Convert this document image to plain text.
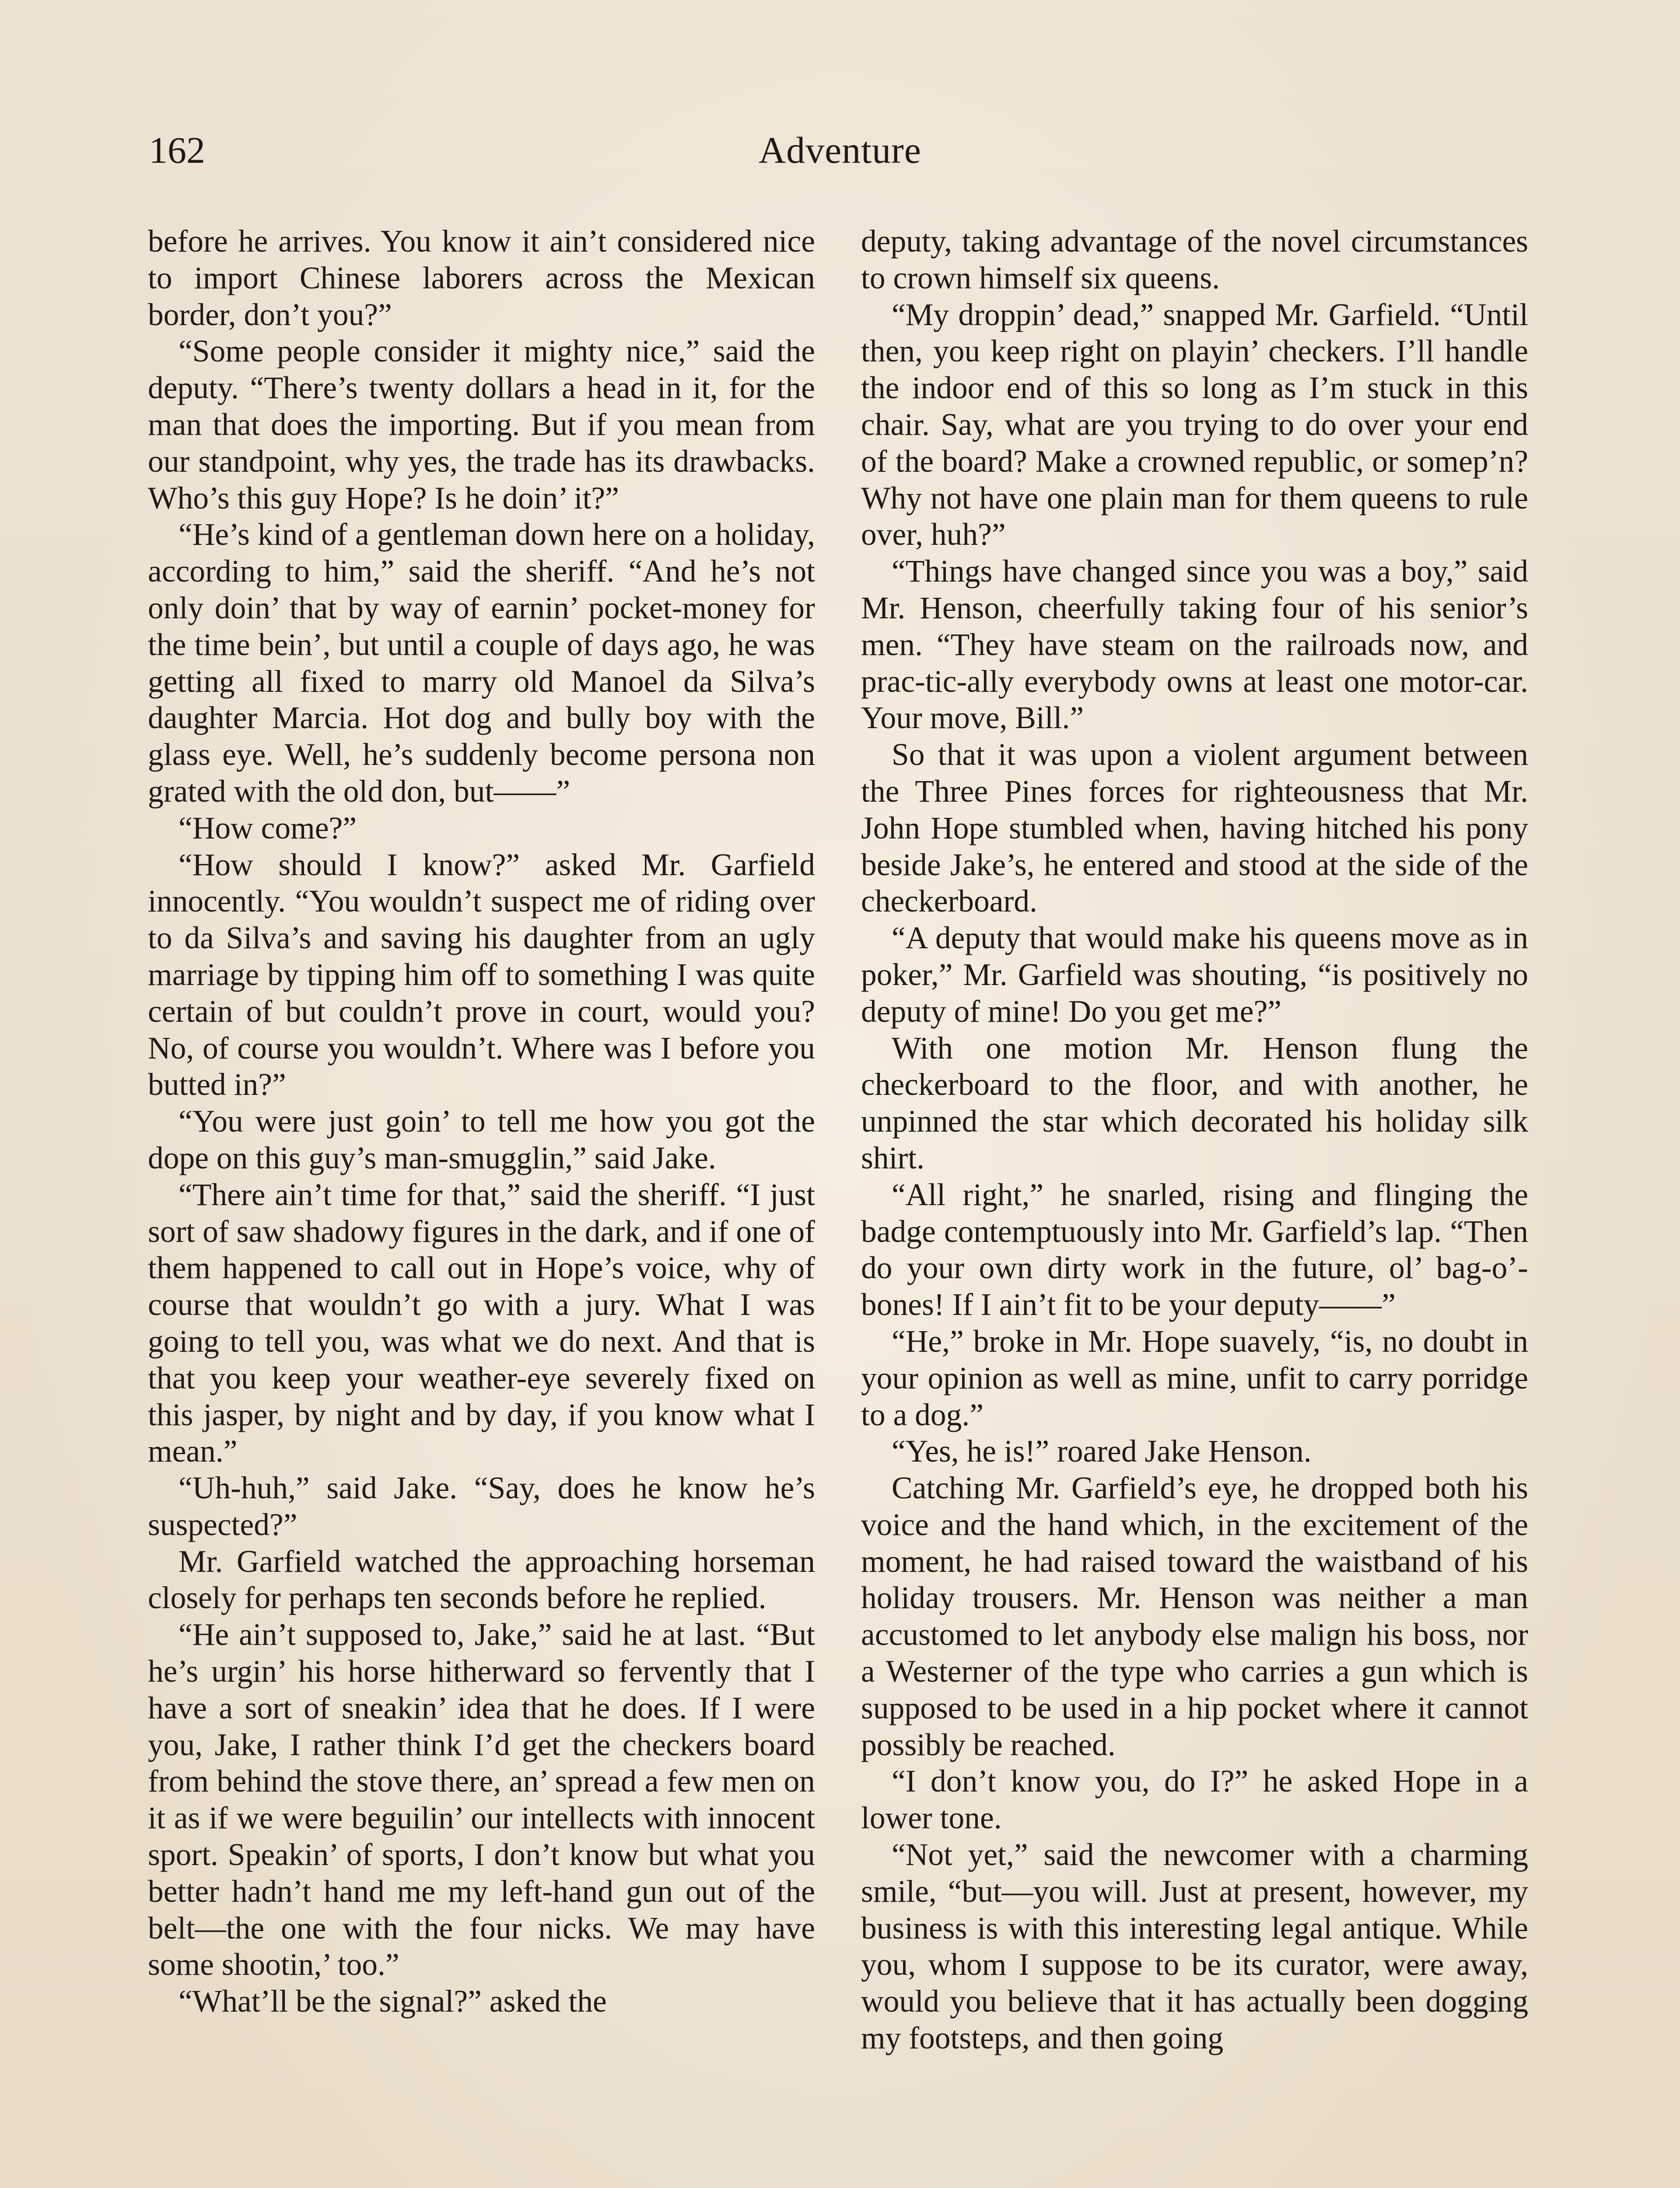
162	Adventure

before he arrives. You know it ain’t considered nice to import Chinese laborers across the Mexican border, don’t you?”

“Some people consider it mighty nice,” said the deputy. “There’s twenty dollars a head in it, for the man that does the importing. But if you mean from our standpoint, why yes, the trade has its drawbacks. Who’s this guy Hope? Is he doin’ it?”

“He’s kind of a gentleman down here on a holiday, according to him,” said the sheriff. “And he’s not only doin’ that by way of earnin’ pocket-money for the time bein’, but until a couple of days ago, he was getting all fixed to marry old Manoel da Silva’s daughter Marcia. Hot dog and bully boy with the glass eye. Well, he’s suddenly become persona non grated with the old don, but——”

“How come?”

“How should I know?” asked Mr. Garfield innocently. “You wouldn’t suspect me of riding over to da Silva’s and saving his daughter from an ugly marriage by tipping him off to something I was quite certain of but couldn’t prove in court, would you? No, of course you wouldn’t. Where was I before you butted in?”

“You were just goin’ to tell me how you got the dope on this guy’s man-smugglin,” said Jake.

“There ain’t time for that,” said the sheriff. “I just sort of saw shadowy figures in the dark, and if one of them happened to call out in Hope’s voice, why of course that wouldn’t go with a jury. What I was going to tell you, was what we do next. And that is that you keep your weather-eye severely fixed on this jasper, by night and by day, if you know what I mean.”

“Uh-huh,” said Jake. “Say, does he know he’s suspected?”

Mr. Garfield watched the approaching horseman closely for perhaps ten seconds before he replied.

“He ain’t supposed to, Jake,” said he at last. “But he’s urgin’ his horse hitherward so fervently that I have a sort of sneakin’ idea that he does. If I were you, Jake, I rather think I’d get the checkers board from behind the stove there, an’ spread a few men on it as if we were beguilin’ our intellects with innocent sport. Speakin’ of sports, I don’t know but what you better hadn’t hand me my left-hand gun out of the belt—the one with the four nicks. We may have some shootin,’ too.”

“What’ll be the signal?” asked the

deputy, taking advantage of the novel circumstances to crown himself six queens.

“My droppin’ dead,” snapped Mr. Garfield. “Until then, you keep right on playin’ checkers. I’ll handle the indoor end of this so long as I’m stuck in this chair. Say, what are you trying to do over your end of the board? Make a crowned republic, or somep’n? Why not have one plain man for them queens to rule over, huh?”

“Things have changed since you was a boy,” said Mr. Henson, cheerfully taking four of his senior’s men. “They have steam on the railroads now, and prac-tic-ally everybody owns at least one motor-car. Your move, Bill.”

So that it was upon a violent argument between the Three Pines forces for righteousness that Mr. John Hope stumbled when, having hitched his pony beside Jake’s, he entered and stood at the side of the checkerboard.

“A deputy that would make his queens move as in poker,” Mr. Garfield was shouting, “is positively no deputy of mine! Do you get me?”

With one motion Mr. Henson flung the checkerboard to the floor, and with another, he unpinned the star which decorated his holiday silk shirt.

“All right,” he snarled, rising and flinging the badge contemptuously into Mr. Garfield’s lap. “Then do your own dirty work in the future, ol’ bag-o’-bones! If I ain’t fit to be your deputy——”

“He,” broke in Mr. Hope suavely, “is, no doubt in your opinion as well as mine, unfit to carry porridge to a dog.”

“Yes, he is!” roared Jake Henson.

Catching Mr. Garfield’s eye, he dropped both his voice and the hand which, in the excitement of the moment, he had raised toward the waistband of his holiday trousers. Mr. Henson was neither a man accustomed to let anybody else malign his boss, nor a Westerner of the type who carries a gun which is supposed to be used in a hip pocket where it cannot possibly be reached.

“I don’t know you, do I?” he asked Hope in a lower tone.

“Not yet,” said the newcomer with a charming smile, “but—you will. Just at present, however, my business is with this interesting legal antique. While you, whom I suppose to be its curator, were away, would you believe that it has actually been dogging my footsteps, and then going
